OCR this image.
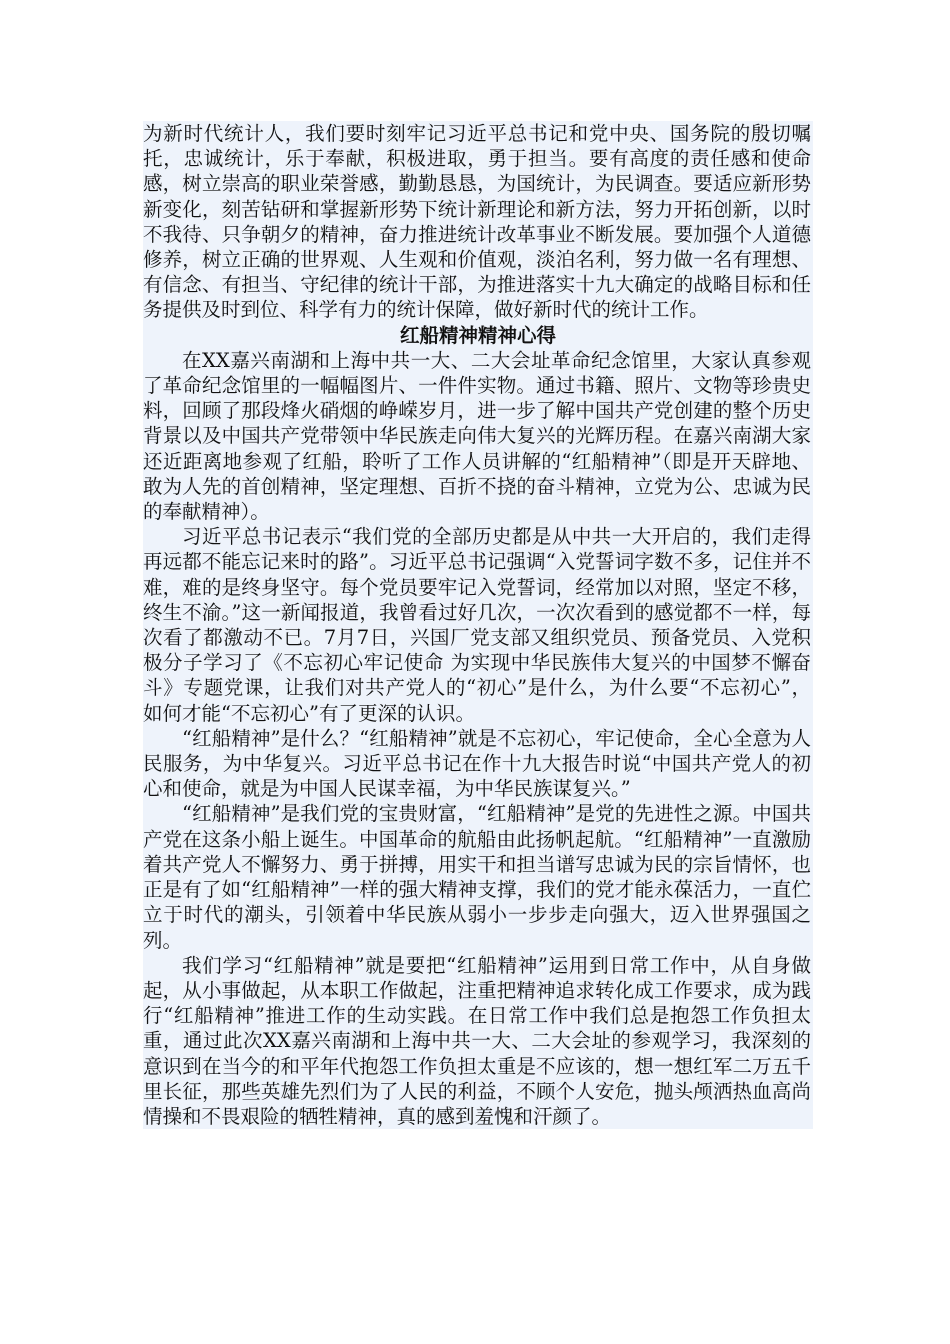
为新时代统计人，我们要时刻牢记习近平总书记和党中央、国务院的殷切嘱托，忠诚统计，乐于奉献，积极进取，勇于担当。要有高度的责任感和使命感，树立崇高的职业荣誉感，勤勤恳恳，为国统计，为民调查。要适应新形势新变化，刻苦钻研和掌握新形势下统计新理论和新方法，努力开拓创新，以时不我待、只争朝夕的精神，奋力推进统计改革事业不断发展。要加强个人道德修养，树立正确的世界观、人生观和价值观，淡泊名利，努力做一名有理想、有信念、有担当、守纪律的统计干部，为推进落实十九大确定的战略目标和任务提供及时到位、科学有力的统计保障，做好新时代的统计工作。

红船精神精神心得

在XX嘉兴南湖和上海中共一大、二大会址革命纪念馆里，大家认真参观了革命纪念馆里的一幅幅图片、一件件实物。通过书籍、照片、文物等珍贵史料，回顾了那段烽火硝烟的峥嵘岁月，进一步了解中国共产党创建的整个历史背景以及中国共产党带领中华民族走向伟大复兴的光辉历程。在嘉兴南湖大家还近距离地参观了红船，聆听了工作人员讲解的“红船精神”（即是开天辟地、敢为人先的首创精神，坚定理想、百折不挠的奋斗精神，立党为公、忠诚为民的奉献精神）。

习近平总书记表示“我们党的全部历史都是从中共一大开启的，我们走得再远都不能忘记来时的路”。习近平总书记强调“入党誓词字数不多，记住并不难，难的是终身坚守。每个党员要牢记入党誓词，经常加以对照，坚定不移，终生不渝。”这一新闻报道，我曾看过好几次，一次次看到的感觉都不一样，每次看了都激动不已。7月7日，兴国厂党支部又组织党员、预备党员、入党积极分子学习了《不忘初心牢记使命 为实现中华民族伟大复兴的中国梦不懈奋斗》专题党课，让我们对共产党人的“初心”是什么，为什么要“不忘初心”， 如何才能“不忘初心”有了更深的认识。

“红船精神”是什么？“红船精神”就是不忘初心，牢记使命，全心全意为人民服务，为中华复兴。习近平总书记在作十九大报告时说“中国共产党人的初心和使命，就是为中国人民谋幸福，为中华民族谋复兴。”

“红船精神”是我们党的宝贵财富，“红船精神”是党的先进性之源。中国共产党在这条小船上诞生。中国革命的航船由此扬帆起航。“红船精神”一直激励着共产党人不懈努力、勇于拼搏，用实干和担当谱写忠诚为民的宗旨情怀，也正是有了如“红船精神”一样的强大精神支撑，我们的党才能永葆活力，一直伫立于时代的潮头，引领着中华民族从弱小一步步走向强大，迈入世界强国之列。

我们学习“红船精神”就是要把“红船精神”运用到日常工作中，从自身做起，从小事做起，从本职工作做起，注重把精神追求转化成工作要求，成为践行“红船精神”推进工作的生动实践。在日常工作中我们总是抱怨工作负担太重，通过此次XX嘉兴南湖和上海中共一大、二大会址的参观学习，我深刻的意识到在当今的和平年代抱怨工作负担太重是不应该的，想一想红军二万五千里长征，那些英雄先烈们为了人民的利益，不顾个人安危，抛头颅洒热血高尚情操和不畏艰险的牺牲精神，真的感到羞愧和汗颜了。
